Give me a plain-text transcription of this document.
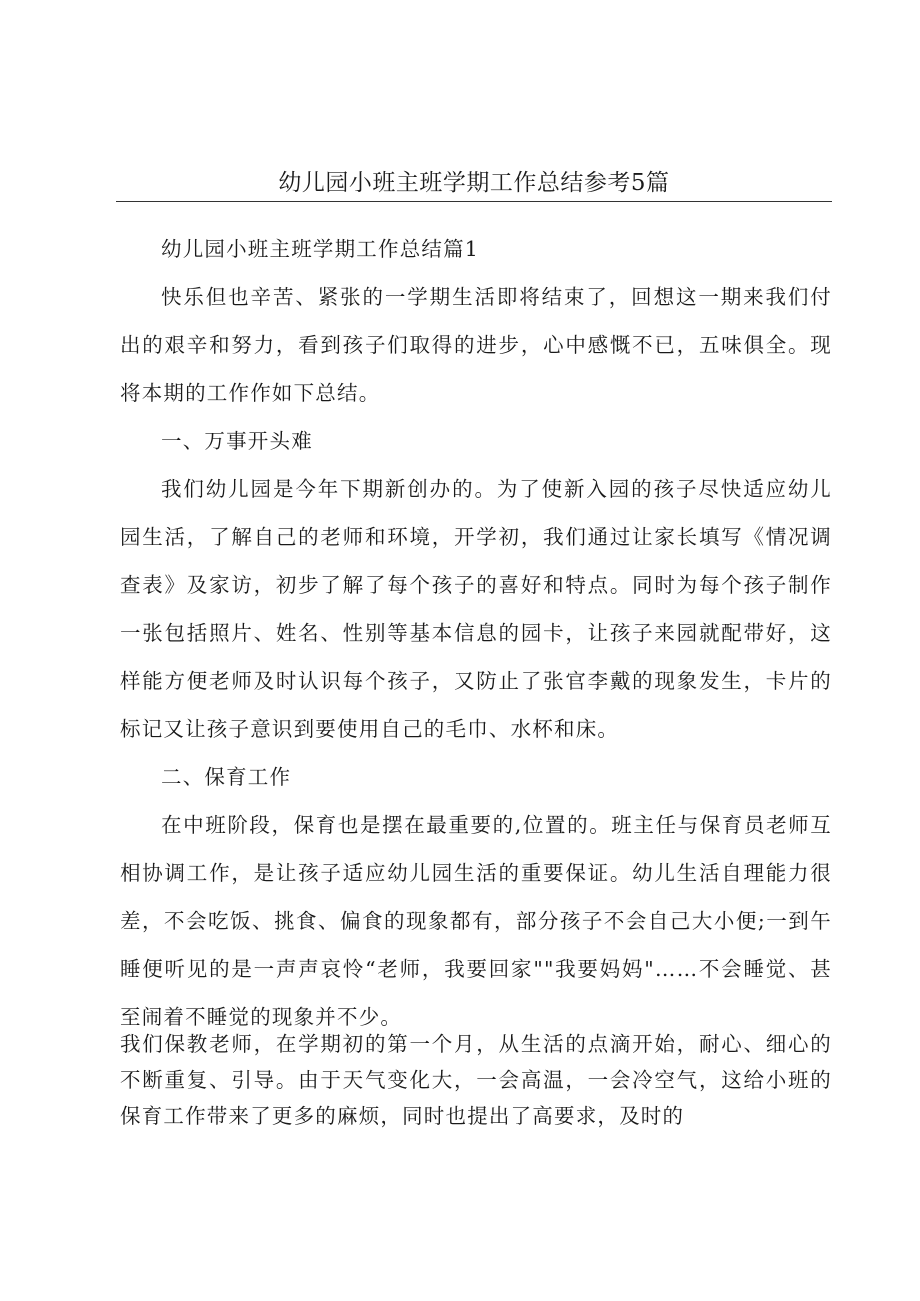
幼儿园小班主班学期工作总结参考5篇

幼儿园小班主班学期工作总结篇1

快乐但也辛苦、紧张的一学期生活即将结束了，回想这一期来我们付出的艰辛和努力，看到孩子们取得的进步，心中感慨不已，五味俱全。现将本期的工作作如下总结。

一、万事开头难

我们幼儿园是今年下期新创办的。为了使新入园的孩子尽快适应幼儿园生活，了解自己的老师和环境，开学初，我们通过让家长填写《情况调查表》及家访，初步了解了每个孩子的喜好和特点。同时为每个孩子制作一张包括照片、姓名、性别等基本信息的园卡，让孩子来园就配带好，这样能方便老师及时认识每个孩子，又防止了张官李戴的现象发生，卡片的标记又让孩子意识到要使用自己的毛巾、水杯和床。

二、保育工作

在中班阶段，保育也是摆在最重要的,位置的。班主任与保育员老师互相协调工作，是让孩子适应幼儿园生活的重要保证。幼儿生活自理能力很差，不会吃饭、挑食、偏食的现象都有，部分孩子不会自己大小便;一到午睡便听见的是一声声哀怜“老师，我要回家""我要妈妈"……不会睡觉、甚至闹着不睡觉的现象并不少。

我们保教老师，在学期初的第一个月，从生活的点滴开始，耐心、细心的不断重复、引导。由于天气变化大，一会高温，一会冷空气，这给小班的保育工作带来了更多的麻烦，同时也提出了高要求，及时的
